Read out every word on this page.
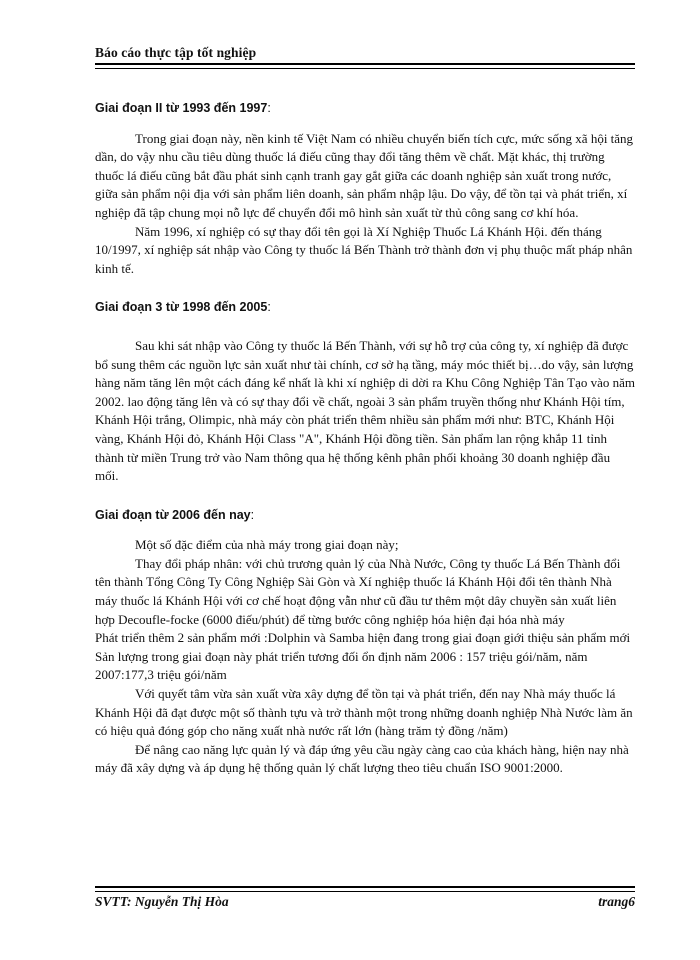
Báo cáo thực tập tốt nghiệp

Giai đoạn II từ 1993 đến 1997:

Trong giai đoạn này, nền kinh tế Việt Nam có nhiều chuyển biến tích cực, mức sống xã hội tăng dần, do vậy nhu cầu tiêu dùng thuốc lá điếu cũng thay đổi tăng thêm về chất. Mặt khác, thị trường thuốc lá điếu cũng bắt đầu phát sinh cạnh tranh gay gắt giữa các doanh nghiệp sản xuất trong nước, giữa sản phẩm nội địa với sản phẩm liên doanh, sản phẩm nhập lậu. Do vậy, để tồn tại và phát triển, xí nghiệp đã tập chung mọi nỗ lực để chuyển đổi mô hình sản xuất từ thủ công sang cơ khí hóa.

Năm 1996, xí nghiệp có sự thay đổi tên gọi là Xí Nghiệp Thuốc Lá Khánh Hội. đến tháng 10/1997, xí nghiệp sát nhập vào Công ty thuốc lá Bến Thành trở thành đơn vị phụ thuộc mất pháp nhân kinh tế.

Giai đoạn 3 từ 1998 đến 2005:

Sau khi sát nhập vào Công ty thuốc lá Bến Thành, với sự hỗ trợ của công ty, xí nghiệp đã được bổ sung thêm các nguồn lực sản xuất như tài chính, cơ sở hạ tầng, máy móc thiết bị…do vậy, sản lượng hàng năm tăng lên một cách đáng kể nhất là khi xí nghiệp di dời ra Khu Công Nghiệp Tân Tạo vào năm 2002. lao động tăng lên và có sự thay đổi về chất, ngoài 3 sản phẩm truyền thống như Khánh Hội tím, Khánh Hội trắng, Olimpic, nhà máy còn phát triển thêm nhiều sản phẩm mới như: BTC, Khánh Hội vàng, Khánh Hội đỏ, Khánh Hội Class "A", Khánh Hội đồng tiền. Sản phẩm lan rộng khắp 11 tỉnh thành từ miền Trung trở vào Nam thông qua hệ thống kênh phân phối khoảng 30 doanh nghiệp đầu mối.

Giai đoạn từ 2006 đến nay:

Một số đặc điểm của nhà máy trong giai đoạn này;

Thay đổi pháp nhân: với chủ trương quản lý của Nhà Nước, Công ty thuốc Lá Bến Thành đổi tên thành Tổng Công Ty Công Nghiệp Sài Gòn và Xí nghiệp thuốc lá Khánh Hội đổi tên thành Nhà máy thuốc lá Khánh Hội với cơ chế hoạt động vẫn như cũ đầu tư thêm một dây chuyền sản xuất liên hợp Decoufle-focke (6000 điếu/phút) để từng bước công nghiệp hóa hiện đại hóa nhà máy

Phát triển thêm 2 sản phẩm mới :Dolphin và Samba hiện đang trong giai đoạn giới thiệu sản phẩm mới

Sản lượng trong giai đoạn này phát triển tương đối ổn định năm 2006 : 157 triệu gói/năm, năm 2007:177,3 triệu gói/năm

Với quyết tâm vừa sản xuất vừa xây dựng để tồn tại và phát triển, đến nay Nhà máy thuốc lá Khánh Hội đã đạt được một số thành tựu và trở thành một trong những doanh nghiệp Nhà Nước làm ăn có hiệu quả đóng góp cho năng xuất nhà nước rất lớn (hàng trăm tỷ đồng /năm)

Để nâng cao năng lực quản lý và đáp ứng yêu cầu ngày càng cao của khách hàng, hiện nay nhà máy đã xây dựng và áp dụng hệ thống quản lý chất lượng theo tiêu chuẩn ISO 9001:2000.

SVTT: Nguyễn Thị Hòa	trang6
